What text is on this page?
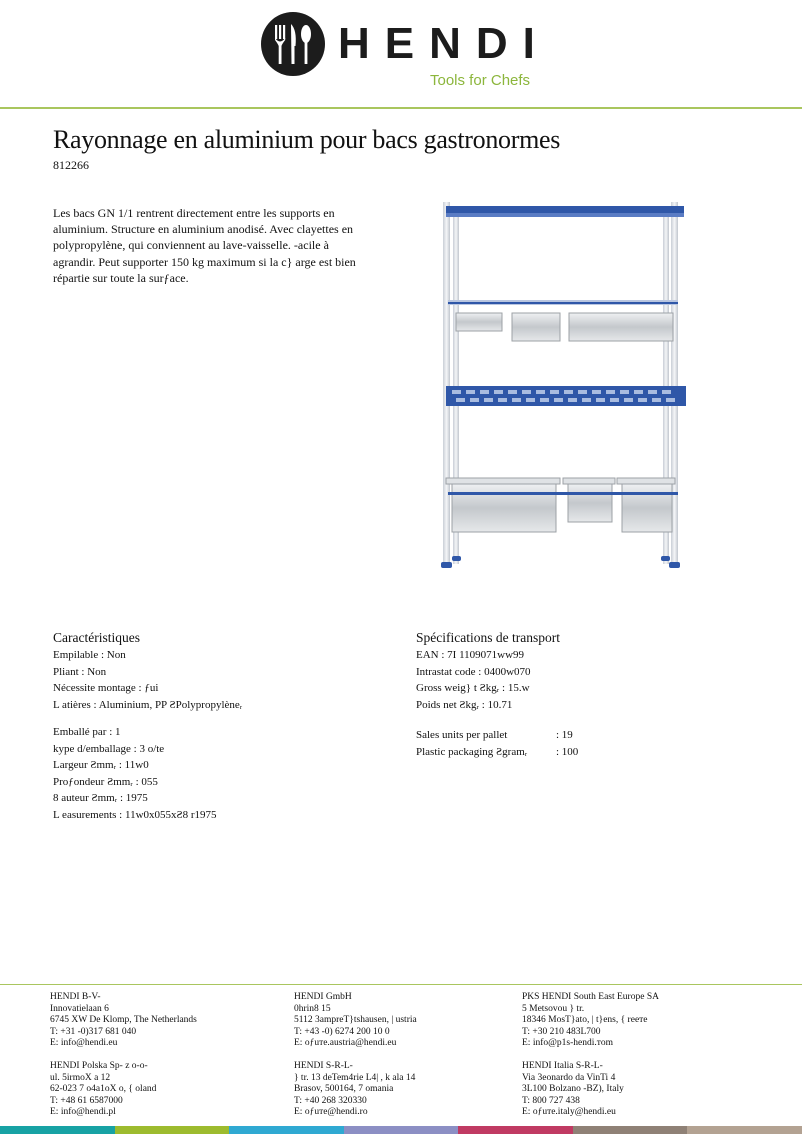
HENDI
Tools for Chefs
Rayonnage en aluminium pour bacs gastronormes
812266
Les bacs GN 1/1 rentrent directement entre les supports en aluminium. Structure en aluminium anodisé. Avec clayettes en polypropylène, qui conviennent au lave-vaisselle. ‐acile à agrandir. Peut supporter 150 kg maximum si la c} arge est bien répartie sur toute la surƒace.
Caractéristiques
Empilable : Non
Pliant : Non
Nécessite montage : ƒui
L atières : Aluminium, PP ƧPolypropylèneᵣ
Emballé par : 1
kype d/emballage : 3 o/te
Largeur Ƨmmᵣ : 11w0
Proƒondeur Ƨmmᵣ : 055
8 auteur Ƨmmᵣ : 1975
L easurements : 11w0x055xƧ8 r1975
Spécifications de transport
EAN : 7I 1109071ww99
Intrastat code : 0400w070
Gross weig} t Ƨkgᵣ : 15.w
Poids net Ƨkgᵣ : 10.71
Sales units per pallet	: 19
Plastic packaging Ƨgramᵣ	: 100
HENDI B-V-
Innovatielaan 6
6745 XW De Klomp, The Netherlands
T: +31 -0)317 681 040
E: info@hendi.eu
HENDI GmbH
0hrin8 15
5112 3ampreT}tshausen, | ustria
T: +43 -0) 6274 200 10 0
E: oƒuтe.austria@hendi.eu
PKS HENDI South East Europe SA
5 Metsovou } tr.
18346 MosT}ato, | t}ens, { reeтe
T: +30 210 483L700
E: info@p1s-hendi.тom
HENDI Polska Sp- z o-o-
ul. 5irmoХ a 12
62-023 7 o4a1oХ o, { oland
T: +48 61 6587000
E: info@hendi.pl
HENDI S-R-L-
} tr. 13 deTem4rie L4| , k ala 14
Brasov, 500164, 7 omania
T: +40 268 320330
E: oƒuтe@hendi.ro
HENDI Italia S-R-L-
Via 3eonardo da VinTi 4
3L100 Bolzano -BZ), Italy
T: 800 727 438
E: oƒuтe.italy@hendi.eu
